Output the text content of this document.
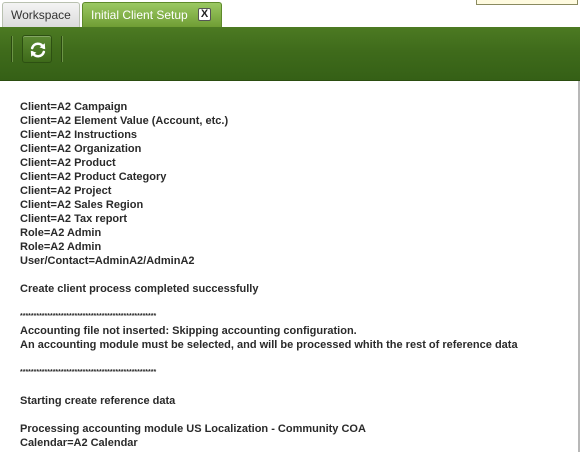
Workspace	Initial Client Setup X
Client=A2 Campaign
Client=A2 Element Value (Account, etc.)
Client=A2 Instructions
Client=A2 Organization
Client=A2 Product
Client=A2 Product Category
Client=A2 Project
Client=A2 Sales Region
Client=A2 Tax report
Role=A2 Admin
Role=A2 Admin
User/Contact=AdminA2/AdminA2
Create client process completed successfully
**************************************************
Accounting file not inserted: Skipping accounting configuration.
An accounting module must be selected, and will be processed whith the rest of reference data
**************************************************
Starting create reference data
Processing accounting module US Localization - Community COA
Calendar=A2 Calendar
